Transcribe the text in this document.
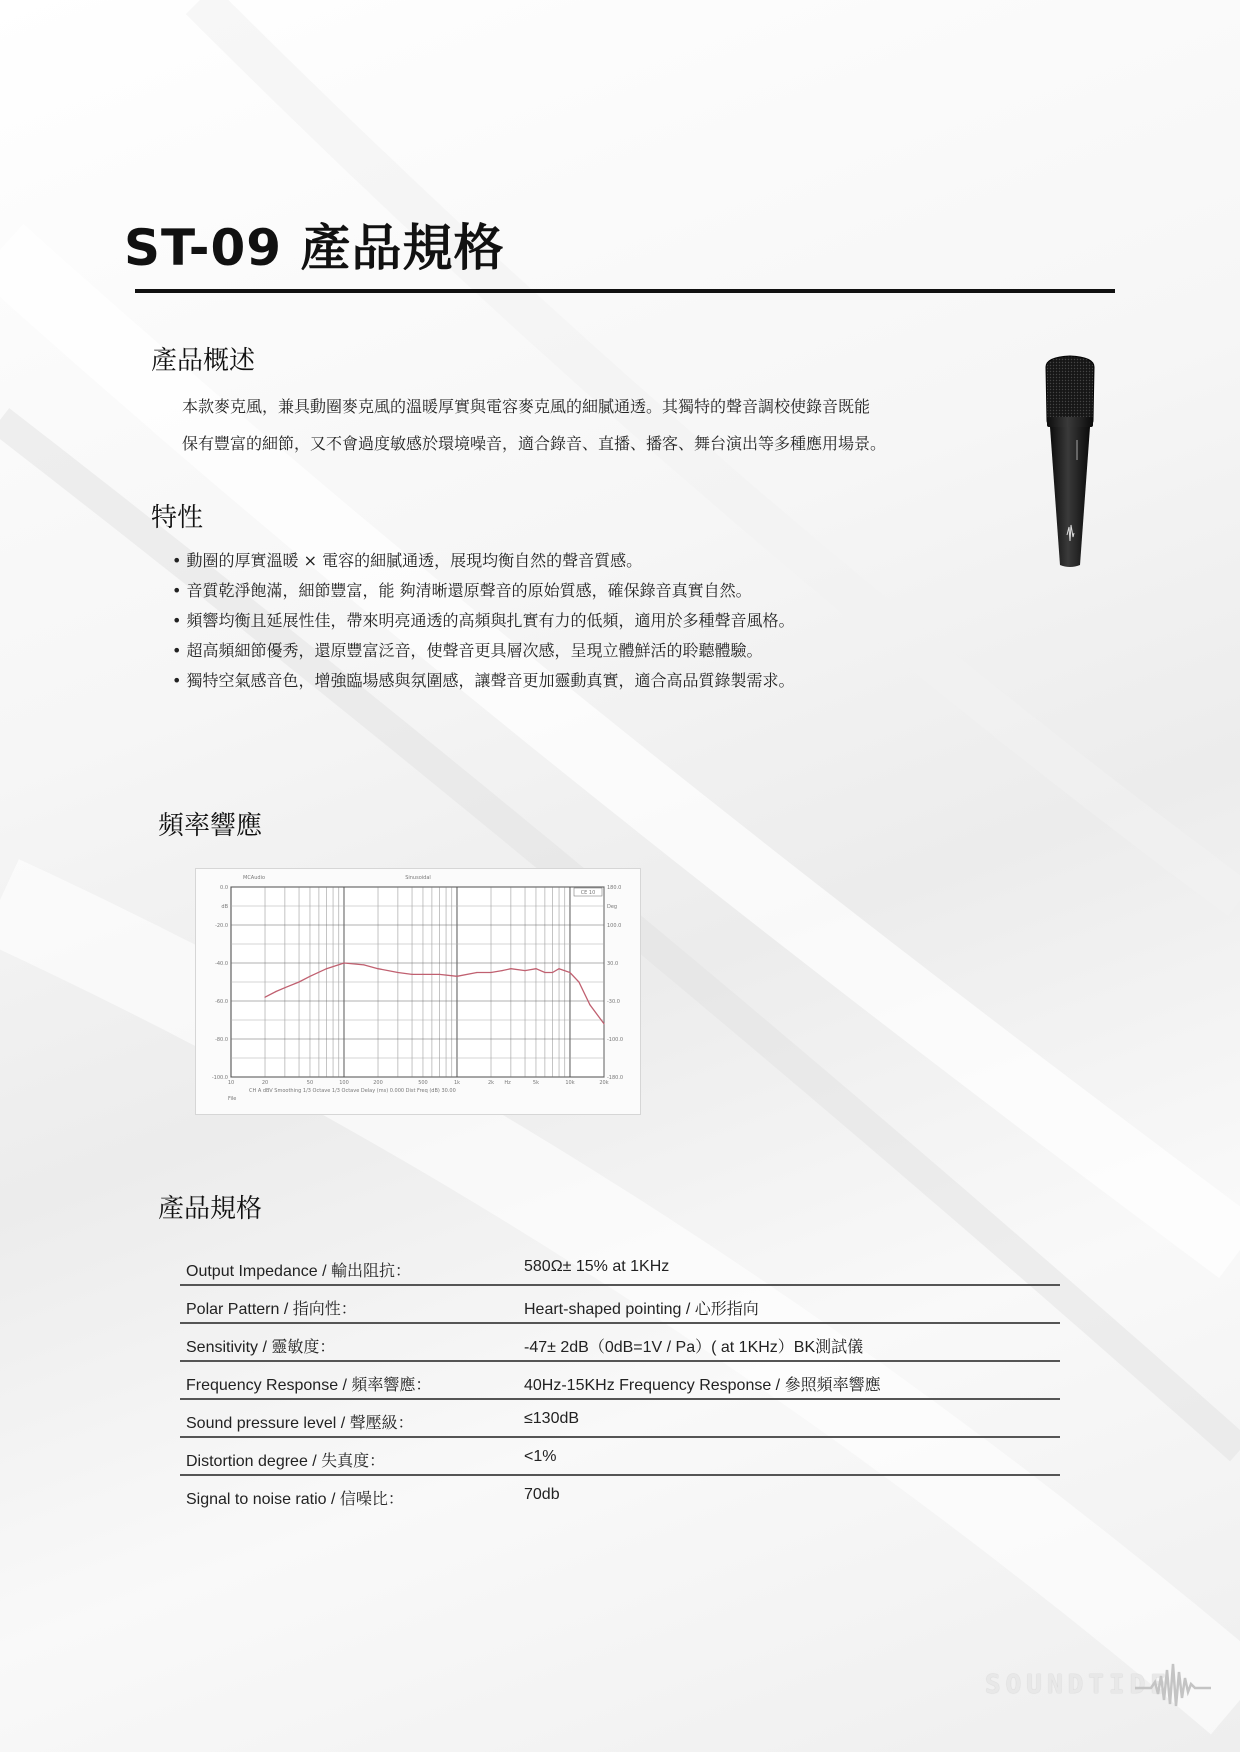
ST-09 產品規格
產品概述

本款麥克風，兼具動圈麥克風的溫暖厚實與電容麥克風的細膩通透。其獨特的聲音調校使錄音既能

保有豐富的細節，又不會過度敏感於環境噪音，適合錄音、直播、播客、舞台演出等多種應用場景。

特性
• 動圈的厚實溫暖 × 電容的細膩通透，展現均衡自然的聲音質感。
• 音質乾淨飽滿，細節豐富，能 夠清晰還原聲音的原始質感，確保錄音真實自然。
• 頻響均衡且延展性佳，帶來明亮通透的高頻與扎實有力的低頻，適用於多種聲音風格。
• 超高頻細節優秀，還原豐富泛音，使聲音更具層次感，呈現立體鮮活的聆聽體驗。
• 獨特空氣感音色，增強臨場感與氛圍感，讓聲音更加靈動真實，適合高品質錄製需求。
頻率響應
0.0
-20.0
-40.0
-60.0
-80.0
-100.0
dB
180.0
100.0
30.0
-30.0
-100.0
-180.0
Deg
10	20	50	100	200	500	1k	2k	5k	10k	20k
Hz
MCAudio	Sinusoidal
CE 10
CH A dBV Smoothing 1/3 Octave 1/3 Octave Delay (ms) 0.000 Dist Freq (dB) 30.00
File
產品規格
Output Impedance / 輸出阻抗：	580Ω± 15% at 1KHz
Polar Pattern / 指向性：	Heart-shaped pointing / 心形指向
Sensitivity / 靈敏度：	-47± 2dB（0dB=1V / Pa）( at 1KHz）BK測試儀
Frequency Response / 頻率響應：	40Hz-15KHz Frequency Response / 參照頻率響應
Sound pressure level / 聲壓級：	≤130dB
Distortion degree / 失真度：	<1%
Signal to noise ratio / 信噪比：	70db
SOUNDTIDE
